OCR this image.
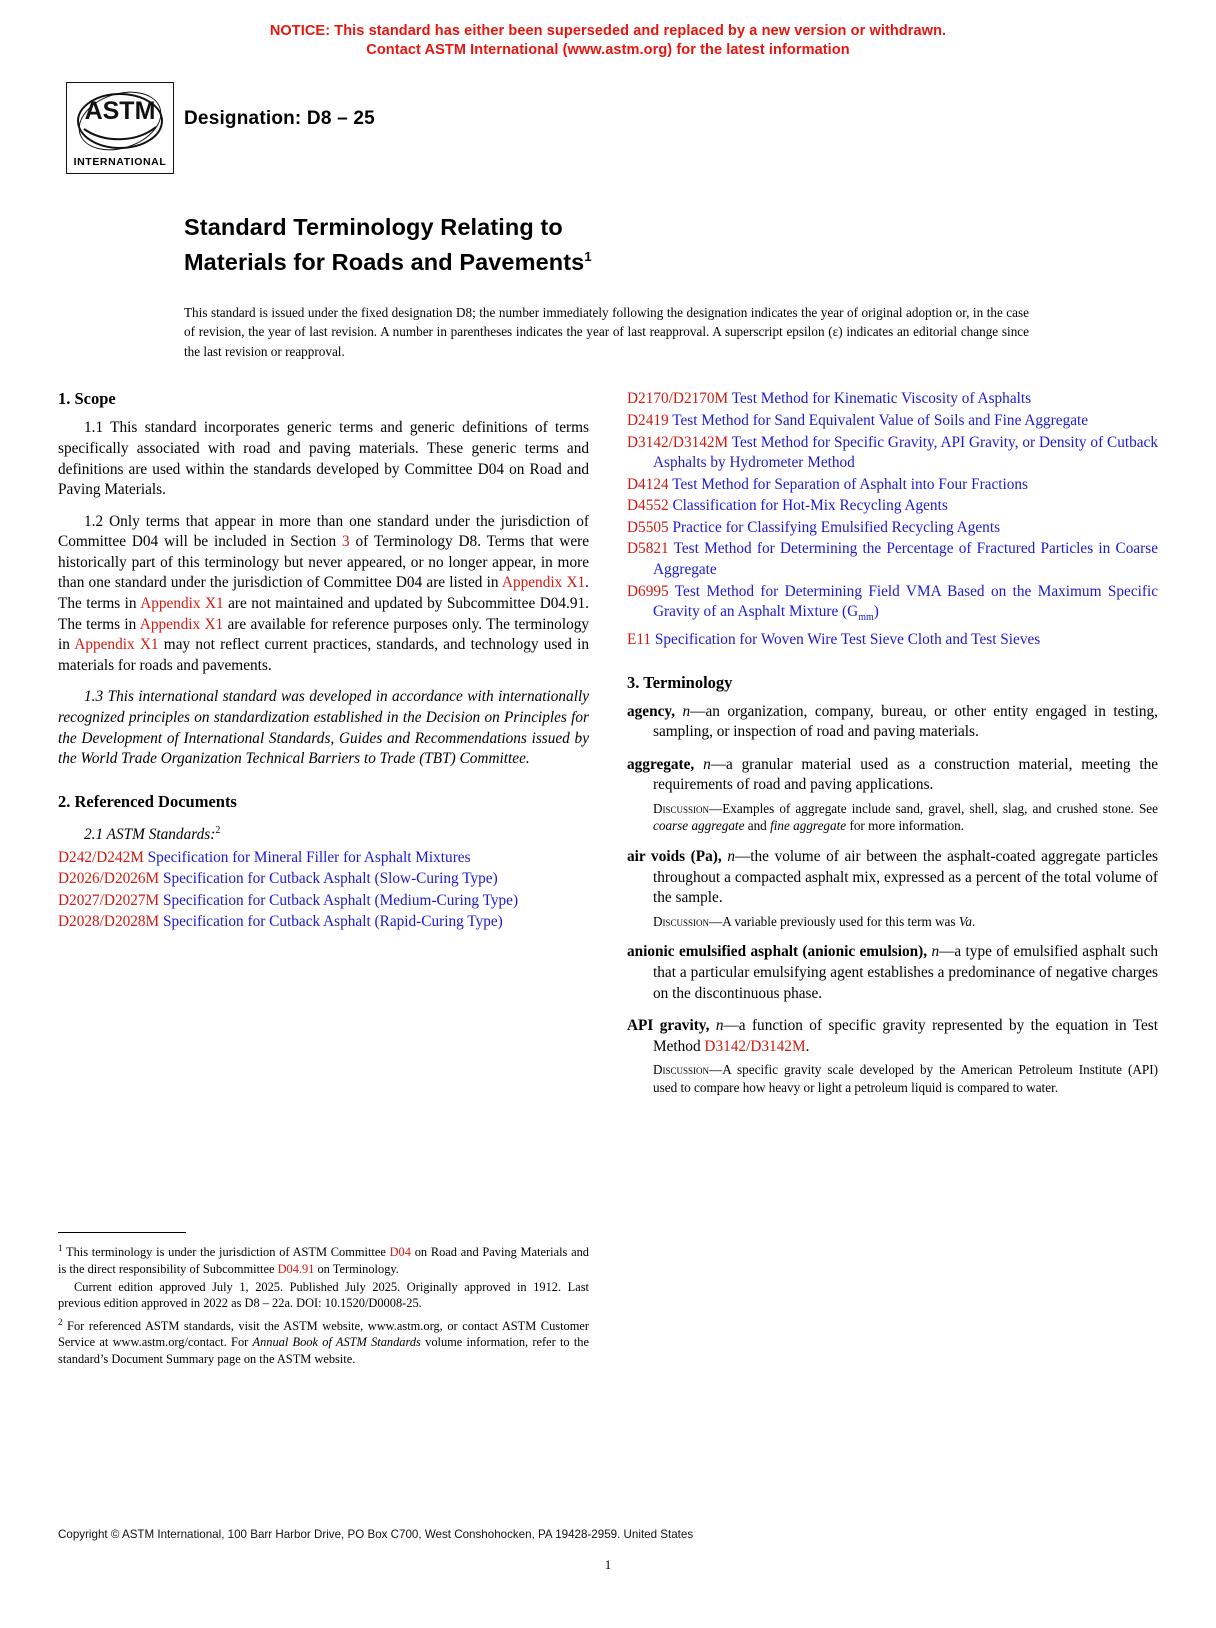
NOTICE: This standard has either been superseded and replaced by a new version or withdrawn.
Contact ASTM International (www.astm.org) for the latest information
ASTM
INTERNATIONAL
Designation: D8 – 25
Standard Terminology Relating to
Materials for Roads and Pavements$^1$
This standard is issued under the fixed designation D8; the number immediately following the designation indicates the year of original adoption or, in the case of revision, the year of last revision. A number in parentheses indicates the year of last reapproval. A superscript epsilon (ε) indicates an editorial change since the last revision or reapproval.
1. Scope

1.1 This standard incorporates generic terms and generic definitions of terms specifically associated with road and paving materials. These generic terms and definitions are used within the standards developed by Committee D04 on Road and Paving Materials.

1.2 Only terms that appear in more than one standard under the jurisdiction of Committee D04 will be included in Section 3 of Terminology D8. Terms that were historically part of this terminology but never appeared, or no longer appear, in more than one standard under the jurisdiction of Committee D04 are listed in Appendix X1. The terms in Appendix X1 are not maintained and updated by Subcommittee D04.91. The terms in Appendix X1 are available for reference purposes only. The terminology in Appendix X1 may not reflect current practices, standards, and technology used in materials for roads and pavements.

1.3 This international standard was developed in accordance with internationally recognized principles on standardization established in the Decision on Principles for the Development of International Standards, Guides and Recommendations issued by the World Trade Organization Technical Barriers to Trade (TBT) Committee.

2. Referenced Documents

2.1 ASTM Standards:$^2$

D242/D242M Specification for Mineral Filler for Asphalt Mixtures

D2026/D2026M Specification for Cutback Asphalt (Slow-Curing Type)

D2027/D2027M Specification for Cutback Asphalt (Medium-Curing Type)

D2028/D2028M Specification for Cutback Asphalt (Rapid-Curing Type)

D2170/D2170M Test Method for Kinematic Viscosity of Asphalts

D2419 Test Method for Sand Equivalent Value of Soils and Fine Aggregate

D3142/D3142M Test Method for Specific Gravity, API Gravity, or Density of Cutback Asphalts by Hydrometer Method

D4124 Test Method for Separation of Asphalt into Four Fractions

D4552 Classification for Hot-Mix Recycling Agents

D5505 Practice for Classifying Emulsified Recycling Agents

D5821 Test Method for Determining the Percentage of Fractured Particles in Coarse Aggregate

D6995 Test Method for Determining Field VMA Based on the Maximum Specific Gravity of an Asphalt Mixture $(G_{mm})$

E11 Specification for Woven Wire Test Sieve Cloth and Test Sieves

3. Terminology

agency, n—an organization, company, bureau, or other entity engaged in testing, sampling, or inspection of road and paving materials.

aggregate, n—a granular material used as a construction material, meeting the requirements of road and paving applications.

Discussion—Examples of aggregate include sand, gravel, shell, slag, and crushed stone. See coarse aggregate and fine aggregate for more information.

air voids (Pa), n—the volume of air between the asphalt-coated aggregate particles throughout a compacted asphalt mix, expressed as a percent of the total volume of the sample.

Discussion—A variable previously used for this term was Va.

anionic emulsified asphalt (anionic emulsion), n—a type of emulsified asphalt such that a particular emulsifying agent establishes a predominance of negative charges on the discontinuous phase.

API gravity, n—a function of specific gravity represented by the equation in Test Method D3142/D3142M.

Discussion—A specific gravity scale developed by the American Petroleum Institute (API) used to compare how heavy or light a petroleum liquid is compared to water.

$^1$ This terminology is under the jurisdiction of ASTM Committee D04 on Road and Paving Materials and is the direct responsibility of Subcommittee D04.91 on Terminology.

Current edition approved July 1, 2025. Published July 2025. Originally approved in 1912. Last previous edition approved in 2022 as D8 – 22a. DOI: 10.1520/D0008-25.

$^2$ For referenced ASTM standards, visit the ASTM website, www.astm.org, or contact ASTM Customer Service at www.astm.org/contact. For Annual Book of ASTM Standards volume information, refer to the standard’s Document Summary page on the ASTM website.

Copyright © ASTM International, 100 Barr Harbor Drive, PO Box C700, West Conshohocken, PA 19428-2959. United States
1
